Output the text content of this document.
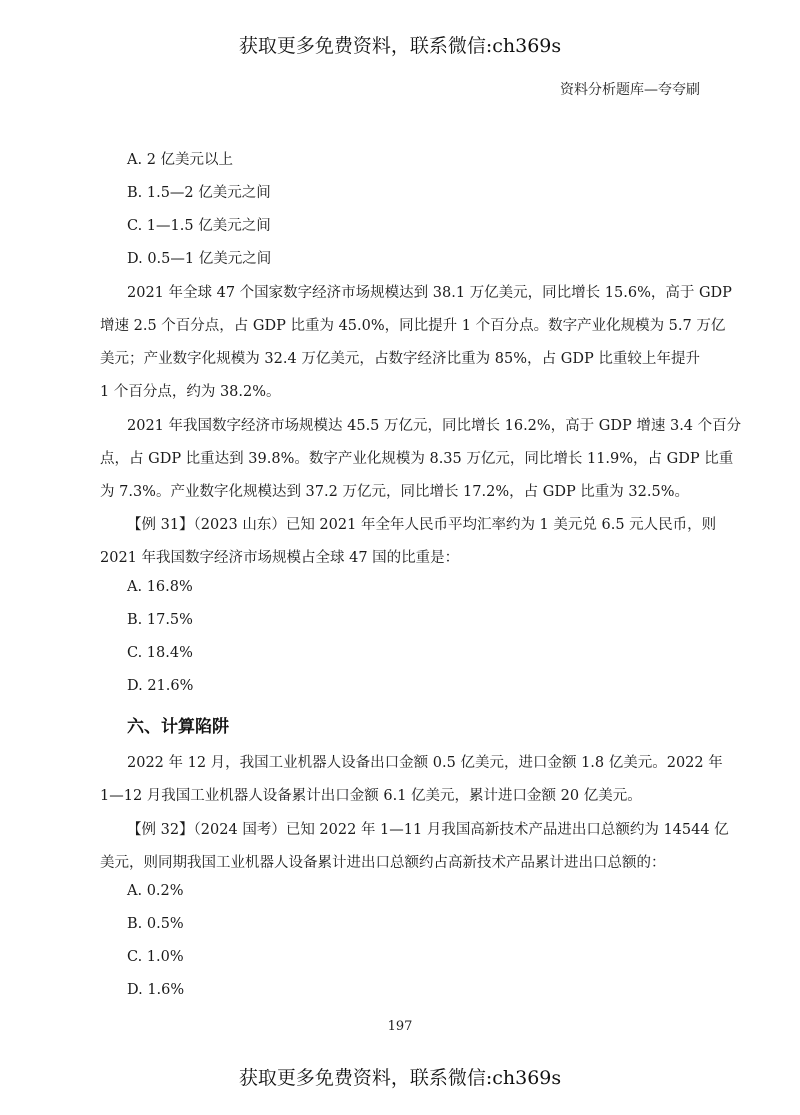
获取更多免费资料，联系微信:ch369s
资料分析题库—夸夸刷
A. 2 亿美元以上
B. 1.5—2 亿美元之间
C. 1—1.5 亿美元之间
D. 0.5—1 亿美元之间
2021 年全球 47 个国家数字经济市场规模达到 38.1 万亿美元，同比增长 15.6%，高于 GDP
增速 2.5 个百分点，占 GDP 比重为 45.0%，同比提升 1 个百分点。数字产业化规模为 5.7 万亿
美元；产业数字化规模为 32.4 万亿美元，占数字经济比重为 85%，占 GDP 比重较上年提升
1 个百分点，约为 38.2%。
2021 年我国数字经济市场规模达 45.5 万亿元，同比增长 16.2%，高于 GDP 增速 3.4 个百分
点，占 GDP 比重达到 39.8%。数字产业化规模为 8.35 万亿元，同比增长 11.9%，占 GDP 比重
为 7.3%。产业数字化规模达到 37.2 万亿元，同比增长 17.2%，占 GDP 比重为 32.5%。
【例 31】（2023 山东）已知 2021 年全年人民币平均汇率约为 1 美元兑 6.5 元人民币，则
2021 年我国数字经济市场规模占全球 47 国的比重是：
A. 16.8%
B. 17.5%
C. 18.4%
D. 21.6%
六、计算陷阱
2022 年 12 月，我国工业机器人设备出口金额 0.5 亿美元，进口金额 1.8 亿美元。2022 年
1—12 月我国工业机器人设备累计出口金额 6.1 亿美元，累计进口金额 20 亿美元。
【例 32】（2024 国考）已知 2022 年 1—11 月我国高新技术产品进出口总额约为 14544 亿
美元，则同期我国工业机器人设备累计进出口总额约占高新技术产品累计进出口总额的：
A. 0.2%
B. 0.5%
C. 1.0%
D. 1.6%
197
获取更多免费资料，联系微信:ch369s
